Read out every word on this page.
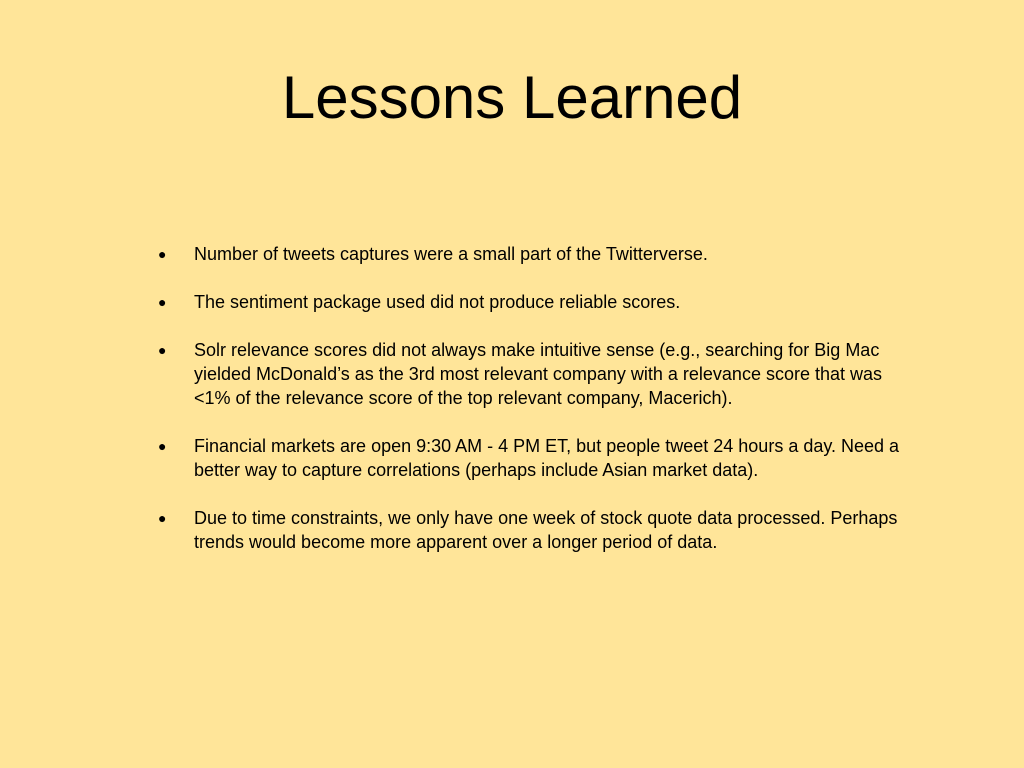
Lessons Learned
●	Number of tweets captures were a small part of the Twitterverse.
●	The sentiment package used did not produce reliable scores.
●	Solr relevance scores did not always make intuitive sense (e.g., searching for Big Mac yielded McDonald’s as the 3rd most relevant company with a relevance score that was <1% of the relevance score of the top relevant company, Macerich).
●	Financial markets are open 9:30 AM - 4 PM ET, but people tweet 24 hours a day. Need a better way to capture correlations (perhaps include Asian market data).
●	Due to time constraints, we only have one week of stock quote data processed. Perhaps trends would become more apparent over a longer period of data.
